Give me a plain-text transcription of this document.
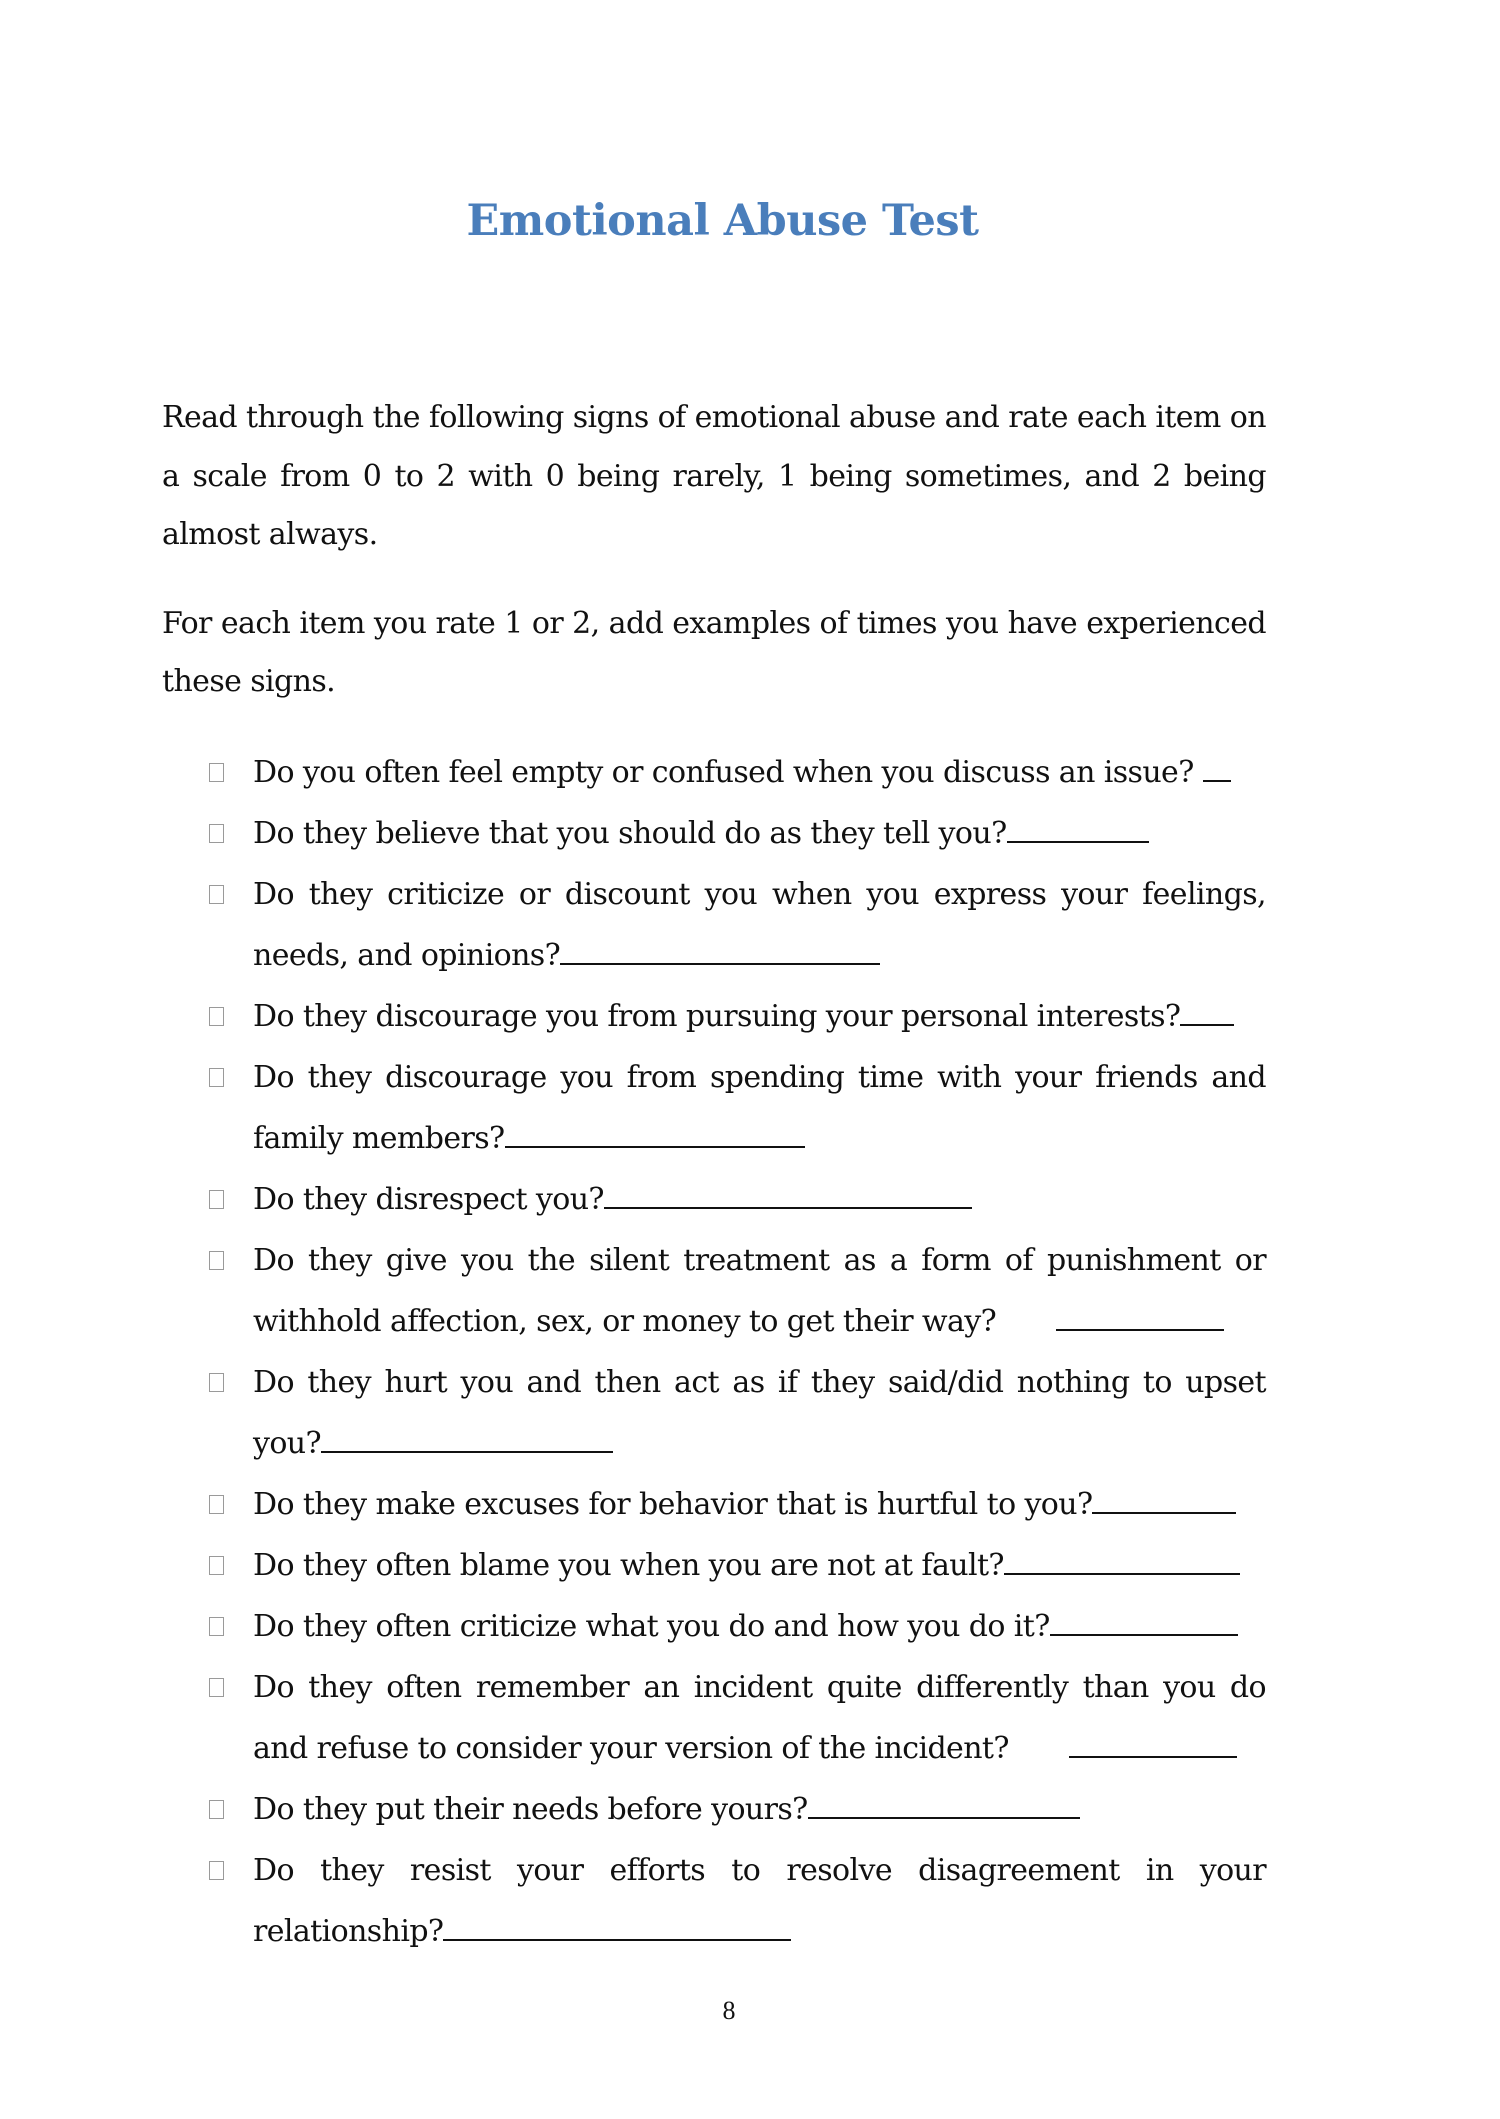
Emotional Abuse Test

Read through the following signs of emotional abuse and rate each item on a scale from 0 to 2 with 0 being rarely, 1 being sometimes, and 2 being almost always.

For each item you rate 1 or 2, add examples of times you have experienced these signs.

Do you often feel empty or confused when you discuss an issue?
Do they believe that you should do as they tell you?
Do they criticize or discount you when you express your feelings, needs, and opinions?
Do they discourage you from pursuing your personal interests?
Do they discourage you from spending time with your friends and family members?
Do they disrespect you?
Do they give you the silent treatment as a form of punishment or withhold affection, sex, or money to get their way?
Do they hurt you and then act as if they said/did nothing to upset you?
Do they make excuses for behavior that is hurtful to you?
Do they often blame you when you are not at fault?
Do they often criticize what you do and how you do it?
Do they often remember an incident quite differently than you do and refuse to consider your version of the incident?
Do they put their needs before yours?
Do they resist your efforts to resolve disagreement in your relationship?
8
